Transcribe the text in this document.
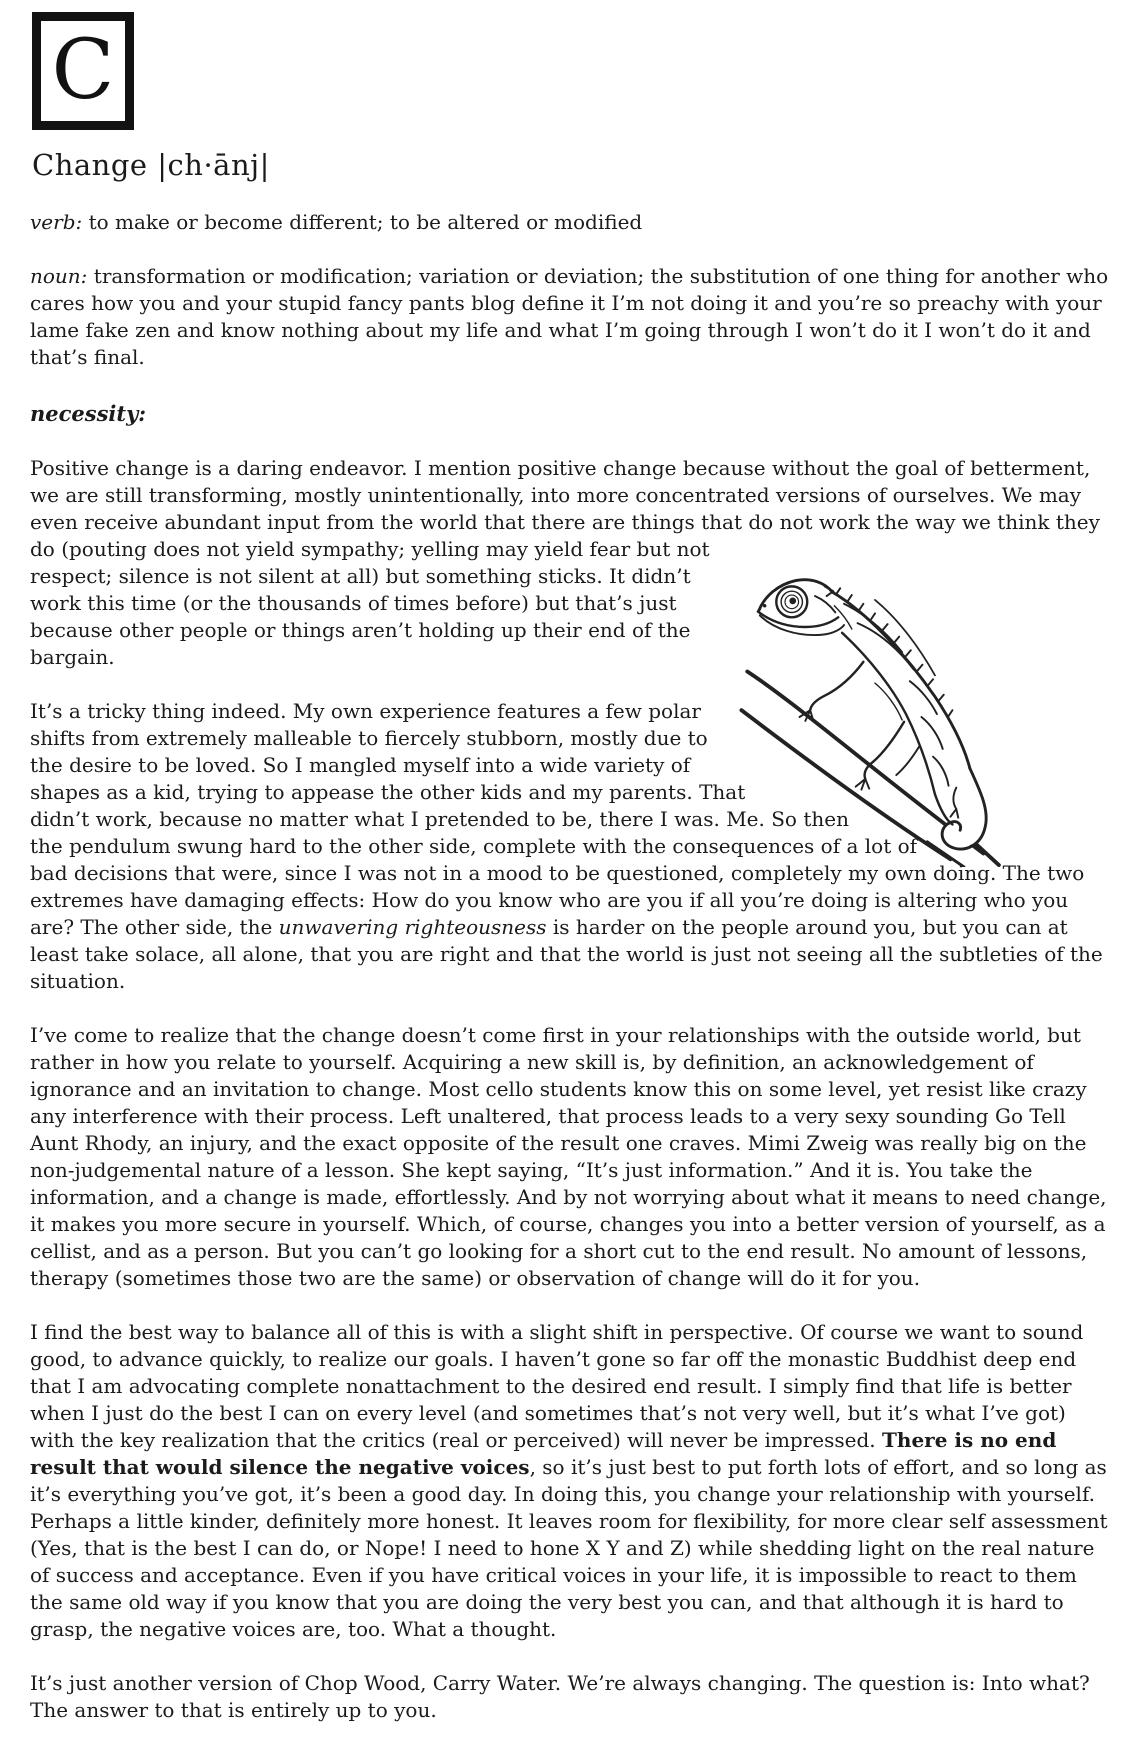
C
Change |ch·ānj|

verb: to make or become different; to be altered or modified

noun: transformation or modification; variation or deviation; the substitution of one thing for another who cares how you and your stupid fancy pants blog define it I’m not doing it and you’re so preachy with your lame fake zen and know nothing about my life and what I’m going through I won’t do it I won’t do it and that’s final.

necessity:

Positive change is a daring endeavor. I mention positive change because without the goal of betterment, we are still transforming, mostly unintentionally, into more concentrated versions of ourselves. We may even receive abundant input from the world that there are things that do not work the way we think they do (pouting does not yield sympathy; yelling may yield fear but not respect; silence is not silent at all) but something sticks. It didn’t work this time (or the thousands of times before) but that’s just because other people or things aren’t holding up their end of the bargain.

It’s a tricky thing indeed. My own experience features a few polar shifts from extremely malleable to fiercely stubborn, mostly due to the desire to be loved. So I mangled myself into a wide variety of shapes as a kid, trying to appease the other kids and my parents. That didn’t work, because no matter what I pretended to be, there I was. Me. So then the pendulum swung hard to the other side, complete with the consequences of a lot of bad decisions that were, since I was not in a mood to be questioned, completely my own doing. The two extremes have damaging effects: How do you know who are you if all you’re doing is altering who you are? The other side, the unwavering righteousness is harder on the people around you, but you can at least take solace, all alone, that you are right and that the world is just not seeing all the subtleties of the situation.

I’ve come to realize that the change doesn’t come first in your relationships with the outside world, but rather in how you relate to yourself. Acquiring a new skill is, by definition, an acknowledgement of ignorance and an invitation to change. Most cello students know this on some level, yet resist like crazy any interference with their process. Left unaltered, that process leads to a very sexy sounding Go Tell Aunt Rhody, an injury, and the exact opposite of the result one craves. Mimi Zweig was really big on the non-judgemental nature of a lesson. She kept saying, “It’s just information.” And it is. You take the information, and a change is made, effortlessly. And by not worrying about what it means to need change, it makes you more secure in yourself. Which, of course, changes you into a better version of yourself, as a cellist, and as a person. But you can’t go looking for a short cut to the end result. No amount of lessons, therapy (sometimes those two are the same) or observation of change will do it for you.

I find the best way to balance all of this is with a slight shift in perspective. Of course we want to sound good, to advance quickly, to realize our goals. I haven’t gone so far off the monastic Buddhist deep end that I am advocating complete nonattachment to the desired end result. I simply find that life is better when I just do the best I can on every level (and sometimes that’s not very well, but it’s what I’ve got) with the key realization that the critics (real or perceived) will never be impressed. There is no end result that would silence the negative voices, so it’s just best to put forth lots of effort, and so long as it’s everything you’ve got, it’s been a good day. In doing this, you change your relationship with yourself. Perhaps a little kinder, definitely more honest. It leaves room for flexibility, for more clear self assessment (Yes, that is the best I can do, or Nope! I need to hone X Y and Z) while shedding light on the real nature of success and acceptance. Even if you have critical voices in your life, it is impossible to react to them the same old way if you know that you are doing the very best you can, and that although it is hard to grasp, the negative voices are, too. What a thought.

It’s just another version of Chop Wood, Carry Water. We’re always changing. The question is: Into what? The answer to that is entirely up to you.
